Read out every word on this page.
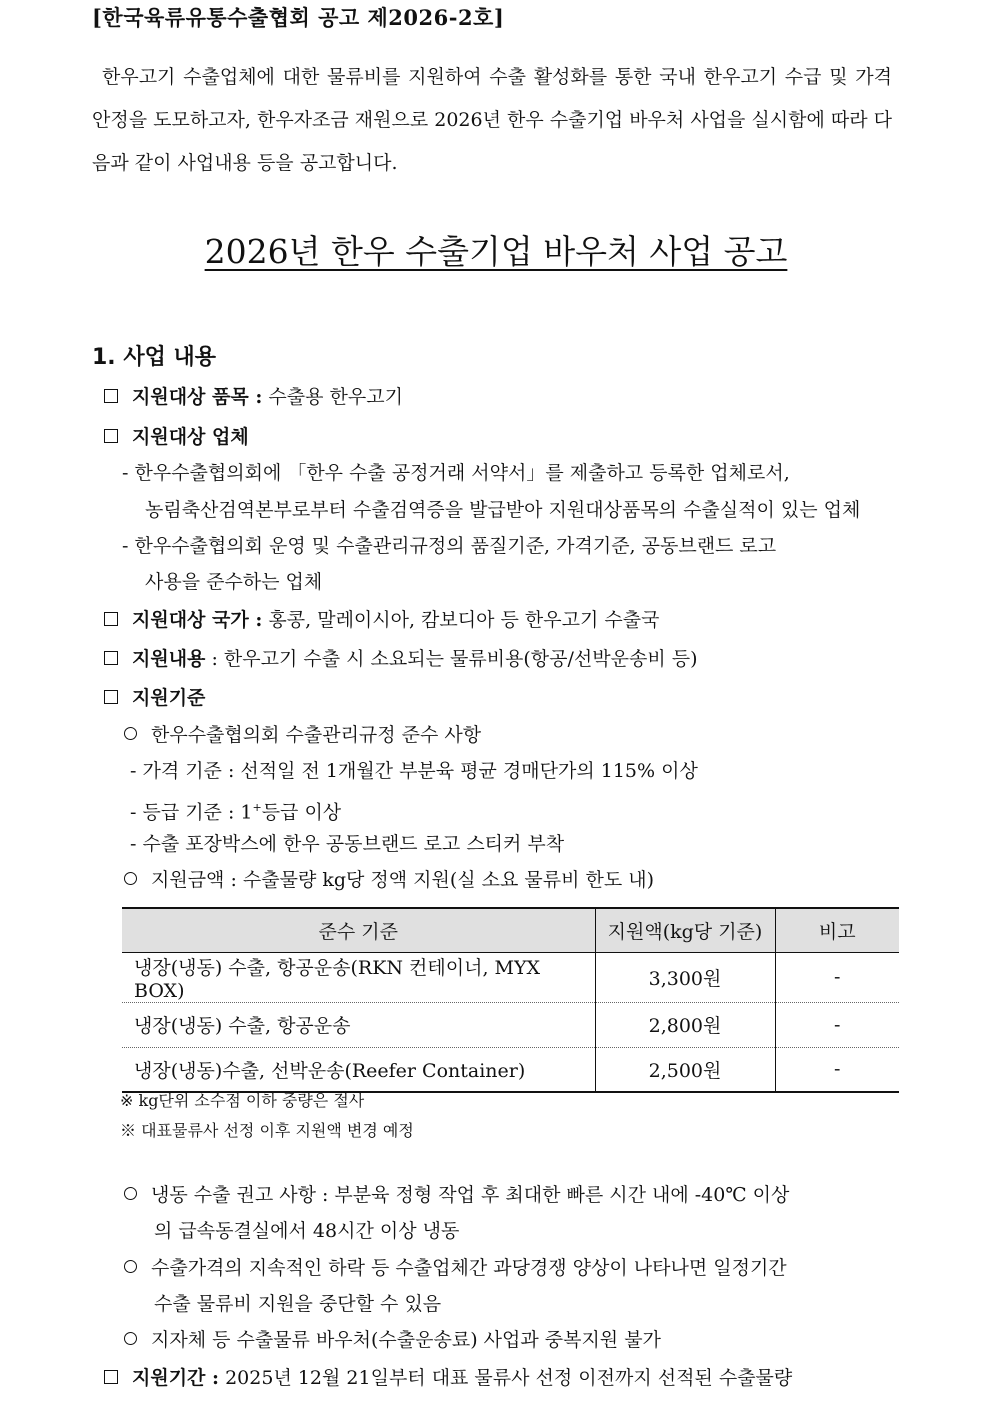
[한국육류유통수출협회 공고 제2026-2호]
한우고기 수출업체에 대한 물류비를 지원하여 수출 활성화를 통한 국내 한우고기 수급 및 가격 안정을 도모하고자, 한우자조금 재원으로 2026년 한우 수출기업 바우처 사업을 실시함에 따라 다음과 같이 사업내용 등을 공고합니다.
2026년 한우 수출기업 바우처 사업 공고
1. 사업 내용
지원대상 품목 : 수출용 한우고기
지원대상 업체
- 한우수출협의회에 「한우 수출 공정거래 서약서」를 제출하고 등록한 업체로서,
농림축산검역본부로부터 수출검역증을 발급받아 지원대상품목의 수출실적이 있는 업체
- 한우수출협의회 운영 및 수출관리규정의 품질기준, 가격기준, 공동브랜드 로고
사용을 준수하는 업체
지원대상 국가 : 홍콩, 말레이시아, 캄보디아 등 한우고기 수출국
지원내용 : 한우고기 수출 시 소요되는 물류비용(항공/선박운송비 등)
지원기준
한우수출협의회 수출관리규정 준수 사항
- 가격 기준 : 선적일 전 1개월간 부분육 평균 경매단가의 115% 이상
- 등급 기준 : 1+등급 이상
- 수출 포장박스에 한우 공동브랜드 로고 스티커 부착
지원금액 : 수출물량 kg당 정액 지원(실 소요 물류비 한도 내)
준수 기준	지원액(kg당 기준)	비고
냉장(냉동) 수출, 항공운송(RKN 컨테이너, MYX BOX)	3,300원	-
냉장(냉동) 수출, 항공운송	2,800원	-
냉장(냉동)수출, 선박운송(Reefer Container)	2,500원	-
※ kg단위 소수점 이하 중량은 절사
※ 대표물류사 선정 이후 지원액 변경 예정
냉동 수출 권고 사항 : 부분육 정형 작업 후 최대한 빠른 시간 내에 -40℃ 이상
의 급속동결실에서 48시간 이상 냉동
수출가격의 지속적인 하락 등 수출업체간 과당경쟁 양상이 나타나면 일정기간
수출 물류비 지원을 중단할 수 있음
지자체 등 수출물류 바우처(수출운송료) 사업과 중복지원 불가
지원기간 : 2025년 12월 21일부터 대표 물류사 선정 이전까지 선적된 수출물량
